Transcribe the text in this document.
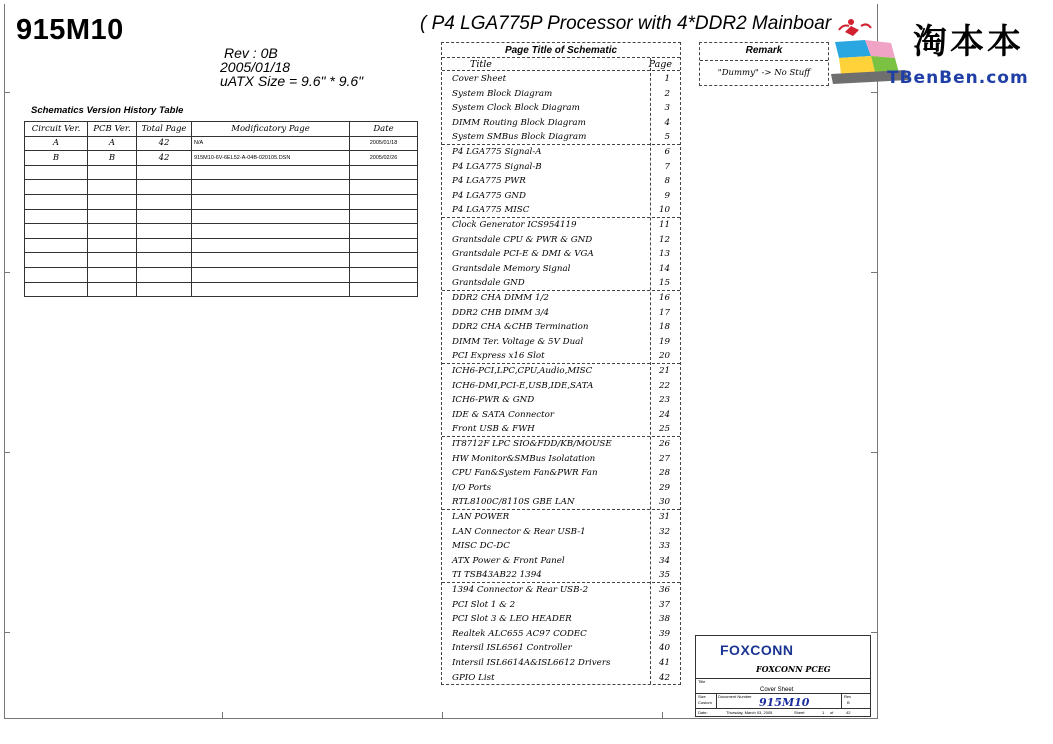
915M10	( P4 LGA775P Processor with 4*DDR2 Mainboar
Rev : 0B
2005/01/18
uATX Size = 9.6" * 9.6"
Schematics Version History Table
Circuit Ver.	PCB Ver.	Total Page	Modificatory Page	Date
A	A	42	N/A	2005/01/18
B	B	42	915M10-6V-6EL52-A-04B-020105.DSN	2005/02/26

Page Title of Schematic
Title	Page
Cover Sheet	1
System Block Diagram	2
System Clock Block Diagram	3
DIMM Routing Block Diagram	4
System SMBus Block Diagram	5
P4 LGA775 Signal-A	6
P4 LGA775 Signal-B	7
P4 LGA775 PWR	8
P4 LGA775 GND	9
P4 LGA775 MISC	10
Clock Generator ICS954119	11
Grantsdale CPU & PWR & GND	12
Grantsdale PCI-E & DMI & VGA	13
Grantsdale Memory Signal	14
Grantsdale GND	15
DDR2 CHA DIMM 1/2	16
DDR2 CHB DIMM 3/4	17
DDR2 CHA &CHB Termination	18
DIMM Ter. Voltage & 5V Dual	19
PCI Express x16 Slot	20
ICH6-PCI,LPC,CPU,Audio,MISC	21
ICH6-DMI,PCI-E,USB,IDE,SATA	22
ICH6-PWR & GND	23
IDE & SATA Connector	24
Front USB & FWH	25
IT8712F LPC SIO&FDD/KB/MOUSE	26
HW Monitor&SMBus Isolatation	27
CPU Fan&System Fan&PWR Fan	28
I/O Ports	29
RTL8100C/8110S GBE LAN	30
LAN POWER	31
LAN Connector & Rear USB-1	32
MISC DC-DC	33
ATX Power & Front Panel	34
TI TSB43AB22 1394	35
1394 Connector & Rear USB-2	36
PCI Slot 1 & 2	37
PCI Slot 3 & LEO HEADER	38
Realtek ALC655 AC97 CODEC	39
Intersil ISL6561 Controller	40
Intersil ISL6614A&ISL6612 Drivers	41
GPIO List	42
Remark
"Dummy" -> No Stuff
淘本本
TBenBen.com
FOXCONN
FOXCONN PCEG
Title
Cover Sheet
Size
Custom
Document Number 915M10	Rev
B
Date:	Thursday, March 03, 2005	Sheet	1 of	42
